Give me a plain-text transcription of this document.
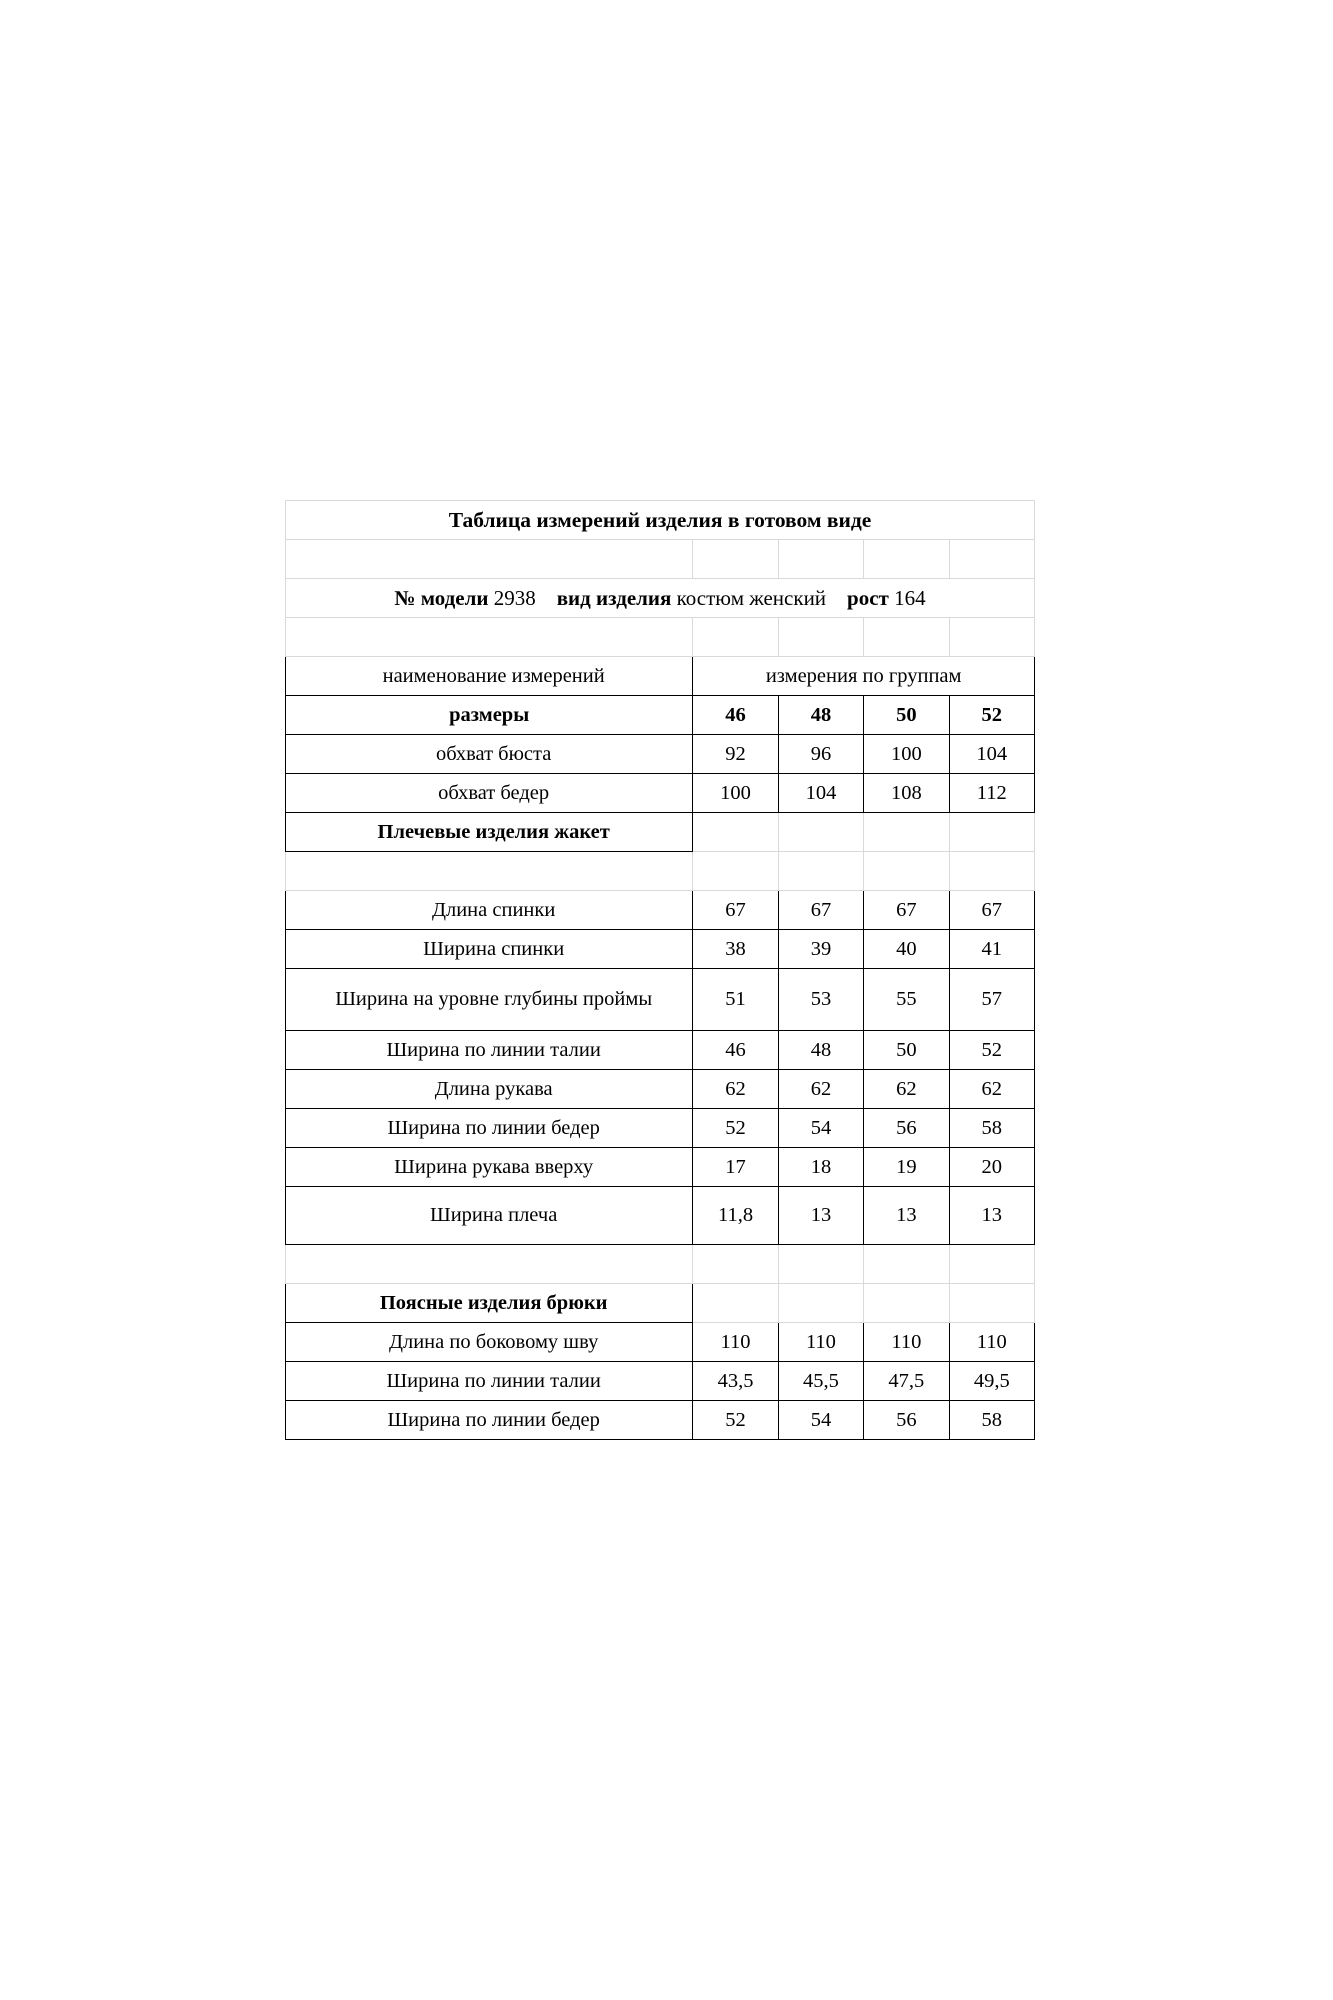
Таблица измерений изделия в готовом виде				

№ модели 2938 вид изделия костюм женский рост 164				

наименование измерений	измерения по группам			
размеры	46	48	50	52
обхват бюста	92	96	100	104
обхват бедер	100	104	108	112
Плечевые изделия жакет				

Длина спинки	67	67	67	67
Ширина спинки	38	39	40	41
Ширина на уровне глубины проймы	51	53	55	57
Ширина по линии талии	46	48	50	52
Длина рукава	62	62	62	62
Ширина по линии бедер	52	54	56	58
Ширина рукава вверху	17	18	19	20
Ширина плеча	11,8	13	13	13

Поясные изделия брюки				
Длина по боковому шву	110	110	110	110
Ширина по линии талии	43,5	45,5	47,5	49,5
Ширина по линии бедер	52	54	56	58
